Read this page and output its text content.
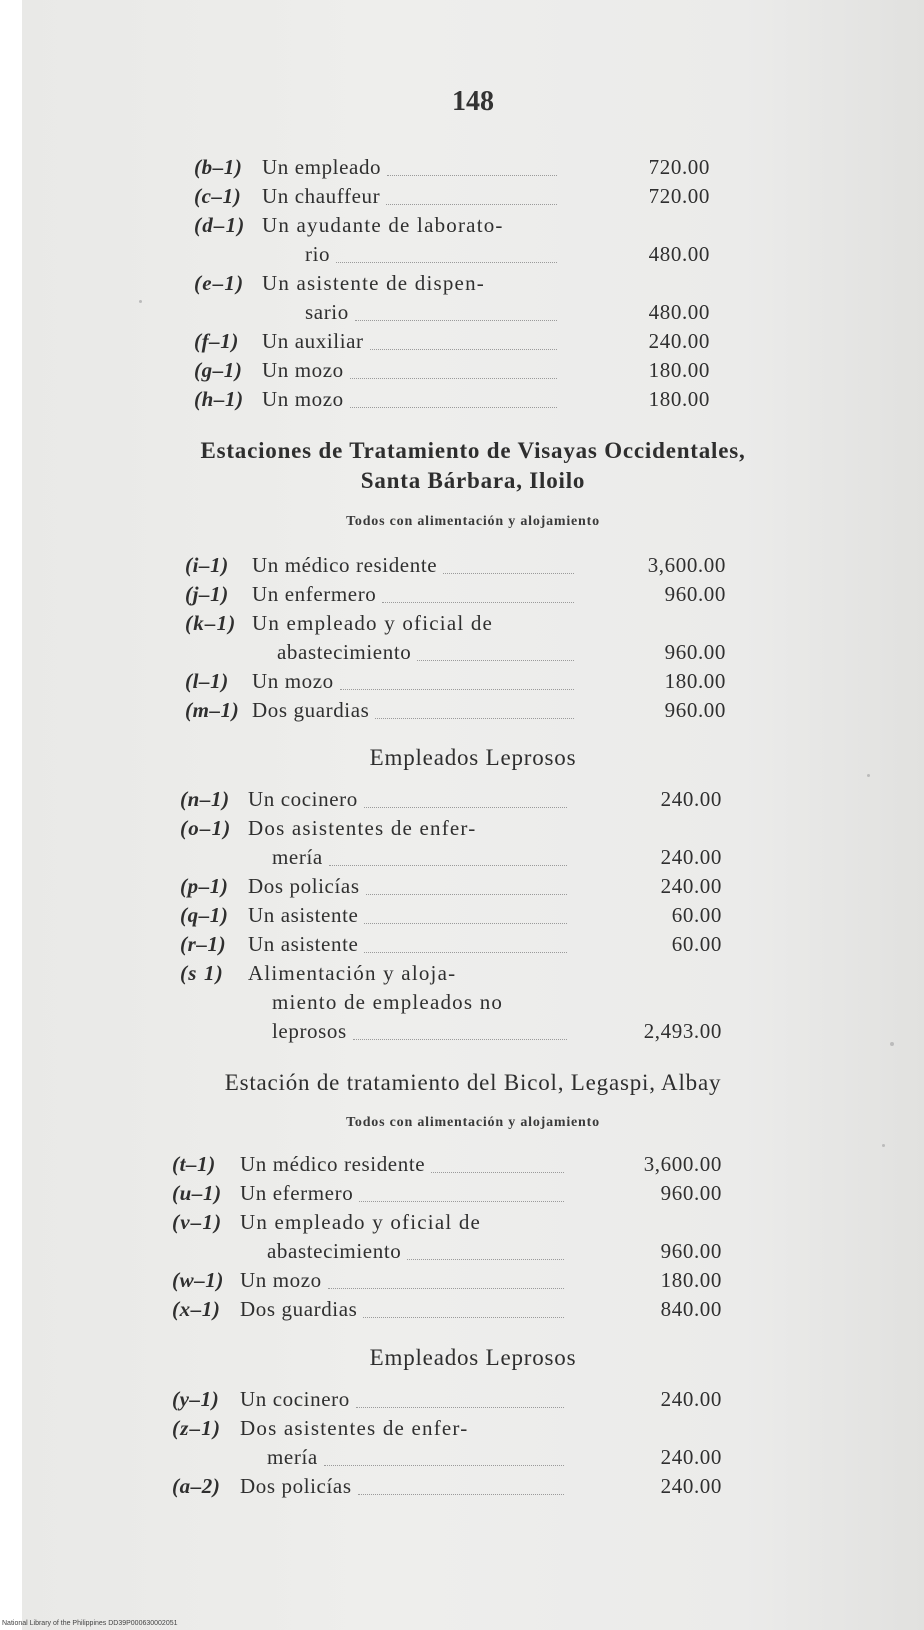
148
(b–1) Un empleado	720.00
(c–1) Un chauffeur	720.00
(d–1) Un ayudante de laborato-
rio	480.00
(e–1) Un asistente de dispen-
sario	480.00
(f–1) Un auxiliar	240.00
(g–1) Un mozo	180.00
(h–1) Un mozo	180.00
Estaciones de Tratamiento de Visayas Occidentales,
Santa Bárbara, Iloilo
Todos con alimentación y alojamiento
(i–1) Un médico residente	3,600.00
(j–1) Un enfermero	960.00
(k–1) Un empleado y oficial de
abastecimiento	960.00
(l–1) Un mozo	180.00
(m–1) Dos guardias	960.00
Empleados Leprosos
(n–1) Un cocinero	240.00
(o–1) Dos asistentes de enfer-
mería	240.00
(p–1) Dos policías	240.00
(q–1) Un asistente	60.00
(r–1) Un asistente	60.00
(s 1) Alimentación y aloja-
miento de empleados no
leprosos	2,493.00
Estación de tratamiento del Bicol, Legaspi, Albay
Todos con alimentación y alojamiento
(t–1) Un médico residente	3,600.00
(u–1) Un efermero	960.00
(v–1) Un empleado y oficial de
abastecimiento	960.00
(w–1) Un mozo	180.00
(x–1) Dos guardias	840.00
Empleados Leprosos
(y–1) Un cocinero	240.00
(z–1) Dos asistentes de enfer-
mería	240.00
(a–2) Dos policías	240.00
National Library of the Philippines DD39P000630002051
